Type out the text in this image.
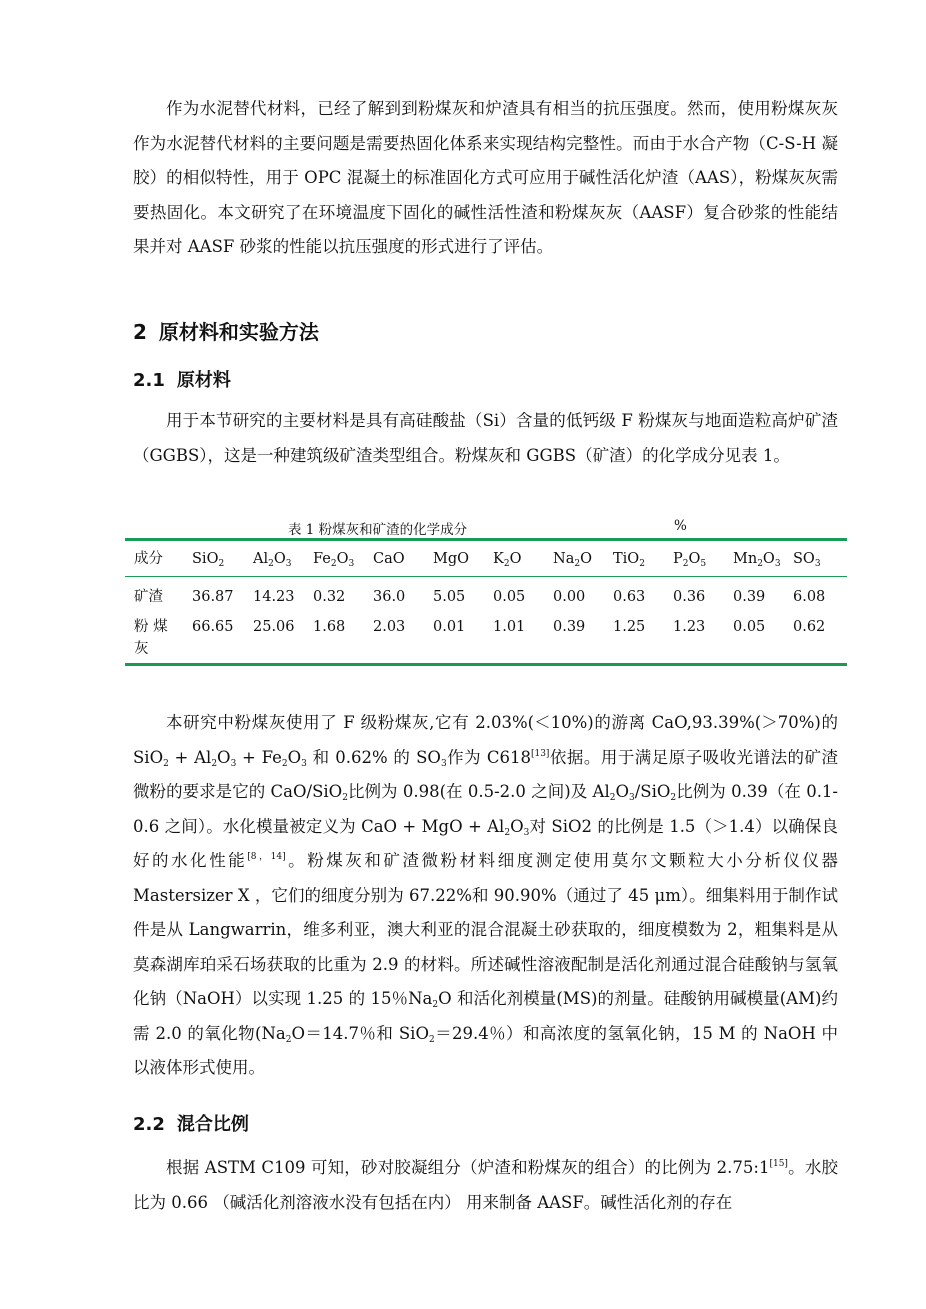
作为水泥替代材料，已经了解到到粉煤灰和炉渣具有相当的抗压强度。然而，使用粉煤灰灰作为水泥替代材料的主要问题是需要热固化体系来实现结构完整性。而由于水合产物（C-S-H 凝胶）的相似特性，用于 OPC 混凝土的标准固化方式可应用于碱性活化炉渣（AAS），粉煤灰灰需要热固化。本文研究了在环境温度下固化的碱性活性渣和粉煤灰灰（AASF）复合砂浆的性能结果并对 AASF 砂浆的性能以抗压强度的形式进行了评估。

2 原材料和实验方法
2.1 原材料

用于本节研究的主要材料是具有高硅酸盐（Si）含量的低钙级 F 粉煤灰与地面造粒高炉矿渣（GGBS），这是一种建筑级矿渣类型组合。粉煤灰和 GGBS（矿渣）的化学成分见表 1。

表 1 粉煤灰和矿渣的化学成分	%
成分 SiO$_2$ $Al_2O_3$ $Fe_2O_3$ CaO MgO $K_2O$ $Na_2O$ TiO$_2$ $P_2O_5$ $Mn_2O_3$ $SO_3$
矿渣 36.87 14.23 0.32 36.0 5.05 0.05 0.00 0.63 0.36 0.39 6.08
粉 煤 灰
66.65 25.06 1.68 2.03 0.01 1.01 0.39 1.25 1.23 0.05 0.62

本研究中粉煤灰使用了 F 级粉煤灰,它有 2.03%(＜10%)的游离 CaO,93.39%(＞70%)的 $SiO_2 + Al_2O_3 + Fe_2O_3$ 和 0.62% 的 $SO_3$作为 C618[13]依据。用于满足原子吸收光谱法的矿渣微粉的要求是它的 CaO/SiO$_2$比例为 0.98(在 0.5-2.0 之间)及 $Al_2O_3/SiO_2$比例为 0.39（在 0.1-0.6 之间）。水化模量被定义为 CaO + MgO + $Al_2O_3$对 SiO2 的比例是 1.5（＞1.4）以确保良好的水化性能[8，14]。粉煤灰和矿渣微粉材料细度测定使用莫尔文颗粒大小分析仪仪器 Mastersizer X ，它们的细度分别为 67.22%和 90.90%（通过了 45 μm）。细集料用于制作试件是从 Langwarrin，维多利亚，澳大利亚的混合混凝土砂获取的，细度模数为 2，粗集料是从莫森湖库珀采石场获取的比重为 2.9 的材料。所述碱性溶液配制是活化剂通过混合硅酸钠与氢氧化钠（NaOH）以实现 1.25 的 15％$Na_2O$ 和活化剂模量(MS)的剂量。硅酸钠用碱模量(AM)约需 2.0 的氧化物($Na_2O=14.7$％和 SiO$_2$＝29.4％）和高浓度的氢氧化钠，15 M 的 NaOH 中以液体形式使用。

2.2 混合比例

根据 ASTM C109 可知，砂对胶凝组分（炉渣和粉煤灰的组合）的比例为 2.75:1[15]。水胶比为 0.66 （碱活化剂溶液水没有包括在内） 用来制备 AASF。碱性活化剂的存在
